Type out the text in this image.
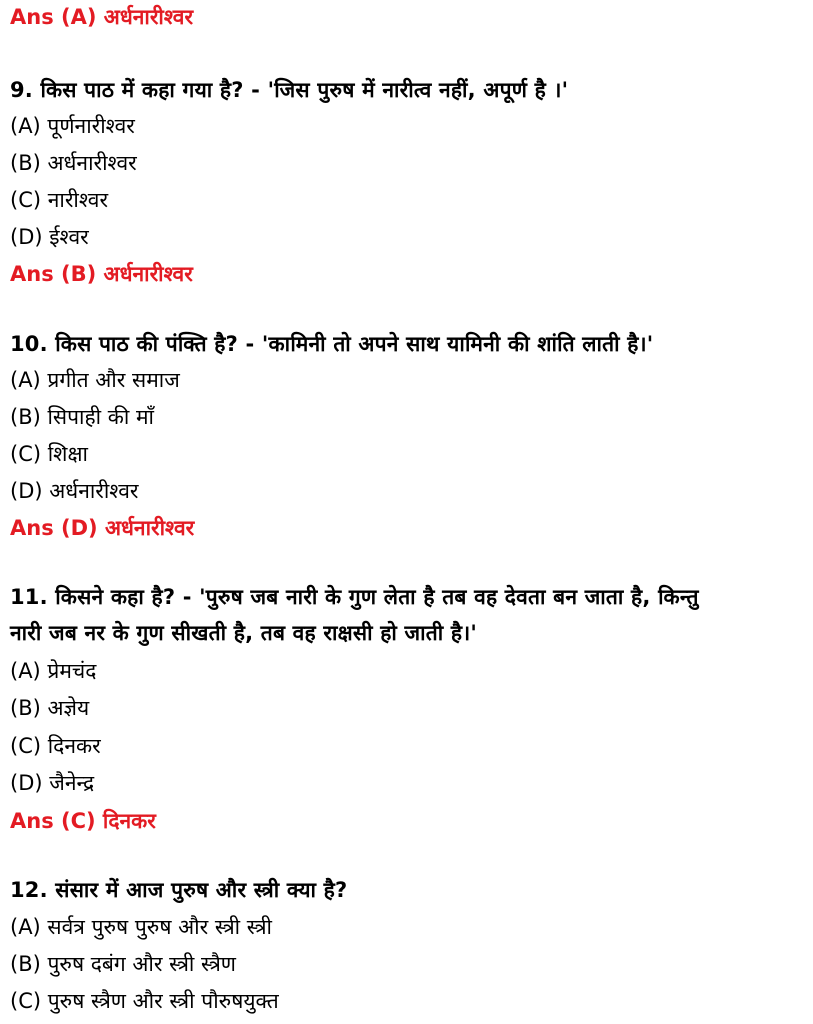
Ans (A) अर्धनारीश्वर
9. किस पाठ में कहा गया है? - 'जिस पुरुष में नारीत्व नहीं, अपूर्ण है ।'
(A) पूर्णनारीश्वर
(B) अर्धनारीश्वर
(C) नारीश्वर
(D) ईश्वर
Ans (B) अर्धनारीश्वर
10. किस पाठ की पंक्ति है? - 'कामिनी तो अपने साथ यामिनी की शांति लाती है।'
(A) प्रगीत और समाज
(B) सिपाही की माँ
(C) शिक्षा
(D) अर्धनारीश्वर
Ans (D) अर्धनारीश्वर
11. किसने कहा है? - 'पुरुष जब नारी के गुण लेता है तब वह देवता बन जाता है, किन्तु
नारी जब नर के गुण सीखती है, तब वह राक्षसी हो जाती है।'
(A) प्रेमचंद
(B) अज्ञेय
(C) दिनकर
(D) जैनेन्द्र
Ans (C) दिनकर
12. संसार में आज पुरुष और स्त्री क्या है?
(A) सर्वत्र पुरुष पुरुष और स्त्री स्त्री
(B) पुरुष दबंग और स्त्री स्त्रैण
(C) पुरुष स्त्रैण और स्त्री पौरुषयुक्त
